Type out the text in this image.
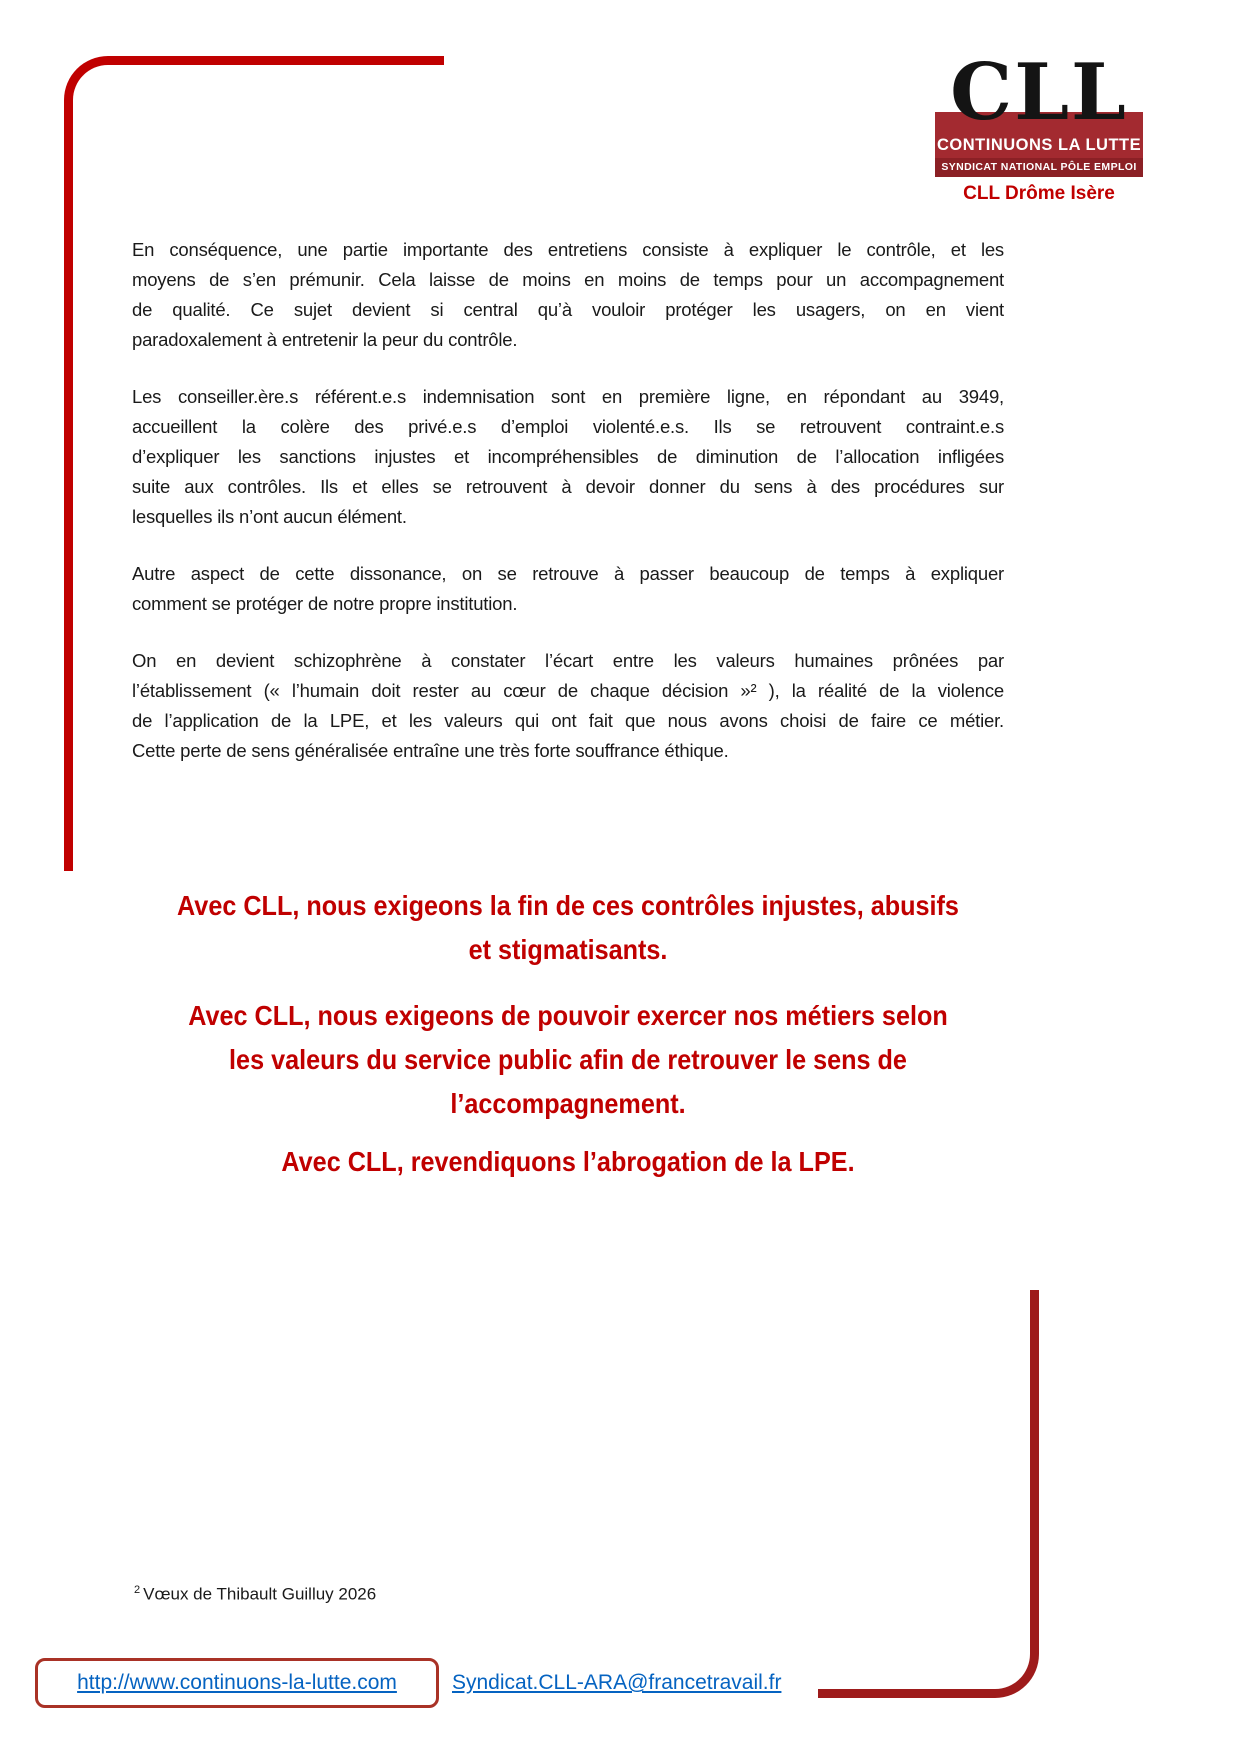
CLL
CONTINUONS LA LUTTE
SYNDICAT NATIONAL PÔLE EMPLOI
CLL Drôme Isère
En conséquence, une partie importante des entretiens consiste à expliquer le contrôle, et les
moyens de s’en prémunir. Cela laisse de moins en moins de temps pour un accompagnement
de qualité. Ce sujet devient si central qu’à vouloir protéger les usagers, on en vient
paradoxalement à entretenir la peur du contrôle.
Les conseiller.ère.s référent.e.s indemnisation sont en première ligne, en répondant au 3949,
accueillent la colère des privé.e.s d’emploi violenté.e.s. Ils se retrouvent contraint.e.s
d’expliquer les sanctions injustes et incompréhensibles de diminution de l’allocation infligées
suite aux contrôles. Ils et elles se retrouvent à devoir donner du sens à des procédures sur
lesquelles ils n’ont aucun élément.
Autre aspect de cette dissonance, on se retrouve à passer beaucoup de temps à expliquer
comment se protéger de notre propre institution.
On en devient schizophrène à constater l’écart entre les valeurs humaines prônées par
l’établissement (« l’humain doit rester au cœur de chaque décision »² ), la réalité de la violence
de l’application de la LPE, et les valeurs qui ont fait que nous avons choisi de faire ce métier.
Cette perte de sens généralisée entraîne une très forte souffrance éthique.
Avec CLL, nous exigeons la fin de ces contrôles injustes, abusifs
et stigmatisants.
Avec CLL, nous exigeons de pouvoir exercer nos métiers selon
les valeurs du service public afin de retrouver le sens de
l’accompagnement.
Avec CLL, revendiquons l’abrogation de la LPE.
$^2$ Vœux de Thibault Guilluy 2026
http://www.continuons-la-lutte.com	Syndicat.CLL-ARA@francetravail.fr
